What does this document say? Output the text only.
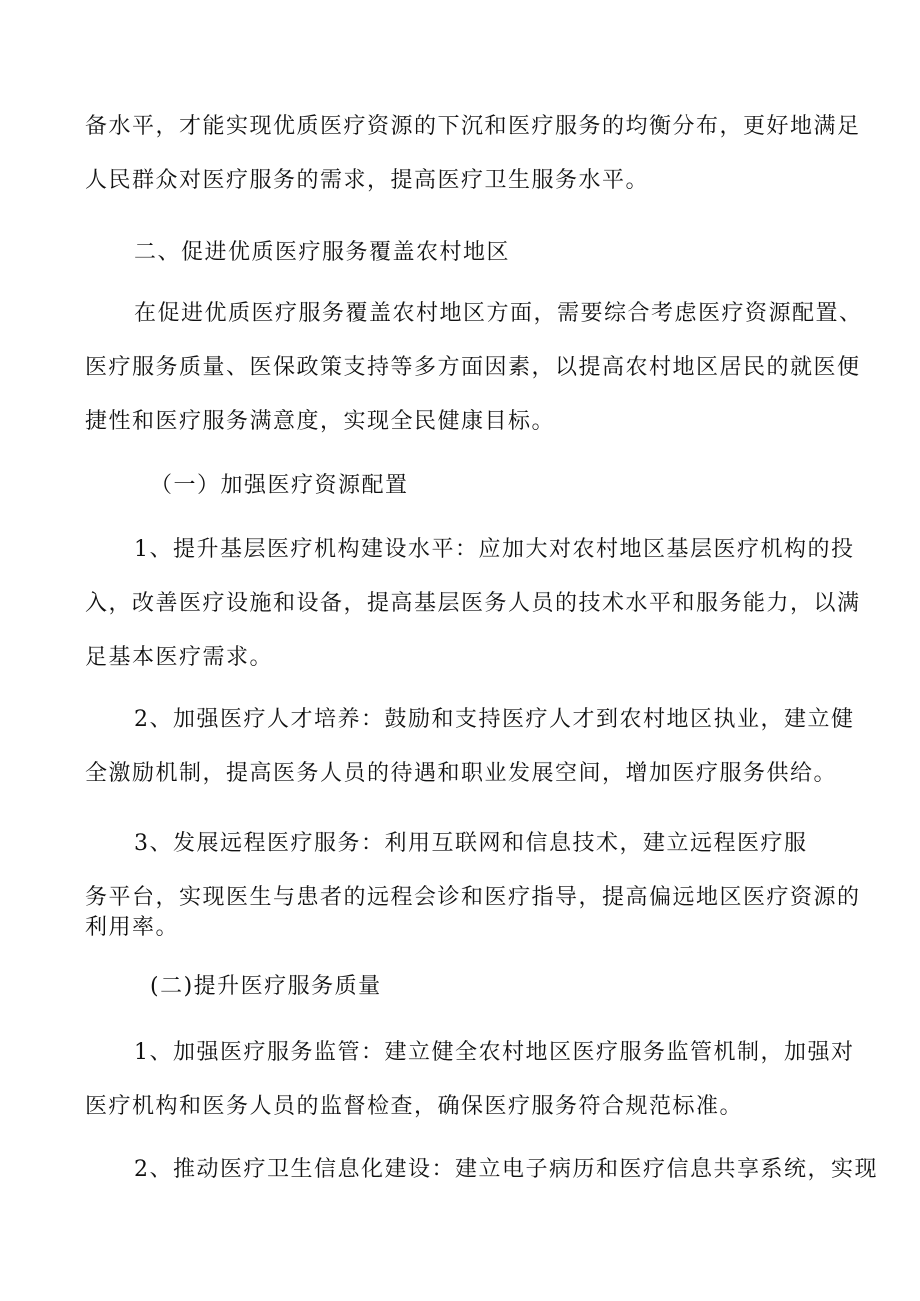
备水平，才能实现优质医疗资源的下沉和医疗服务的均衡分布，更好地满足
人民群众对医疗服务的需求，提高医疗卫生服务水平。
二、促进优质医疗服务覆盖农村地区
在促进优质医疗服务覆盖农村地区方面，需要综合考虑医疗资源配置、
医疗服务质量、医保政策支持等多方面因素，以提高农村地区居民的就医便
捷性和医疗服务满意度，实现全民健康目标。
（一）加强医疗资源配置
1、提升基层医疗机构建设水平：应加大对农村地区基层医疗机构的投
入，改善医疗设施和设备，提高基层医务人员的技术水平和服务能力，以满
足基本医疗需求。
2、加强医疗人才培养：鼓励和支持医疗人才到农村地区执业，建立健
全激励机制，提高医务人员的待遇和职业发展空间，增加医疗服务供给。
3、发展远程医疗服务：利用互联网和信息技术，建立远程医疗服
务平台，实现医生与患者的远程会诊和医疗指导，提高偏远地区医疗资源的
利用率。
(二)提升医疗服务质量
1、加强医疗服务监管：建立健全农村地区医疗服务监管机制，加强对
医疗机构和医务人员的监督检查，确保医疗服务符合规范标准。
2、推动医疗卫生信息化建设：建立电子病历和医疗信息共享系统，实现
